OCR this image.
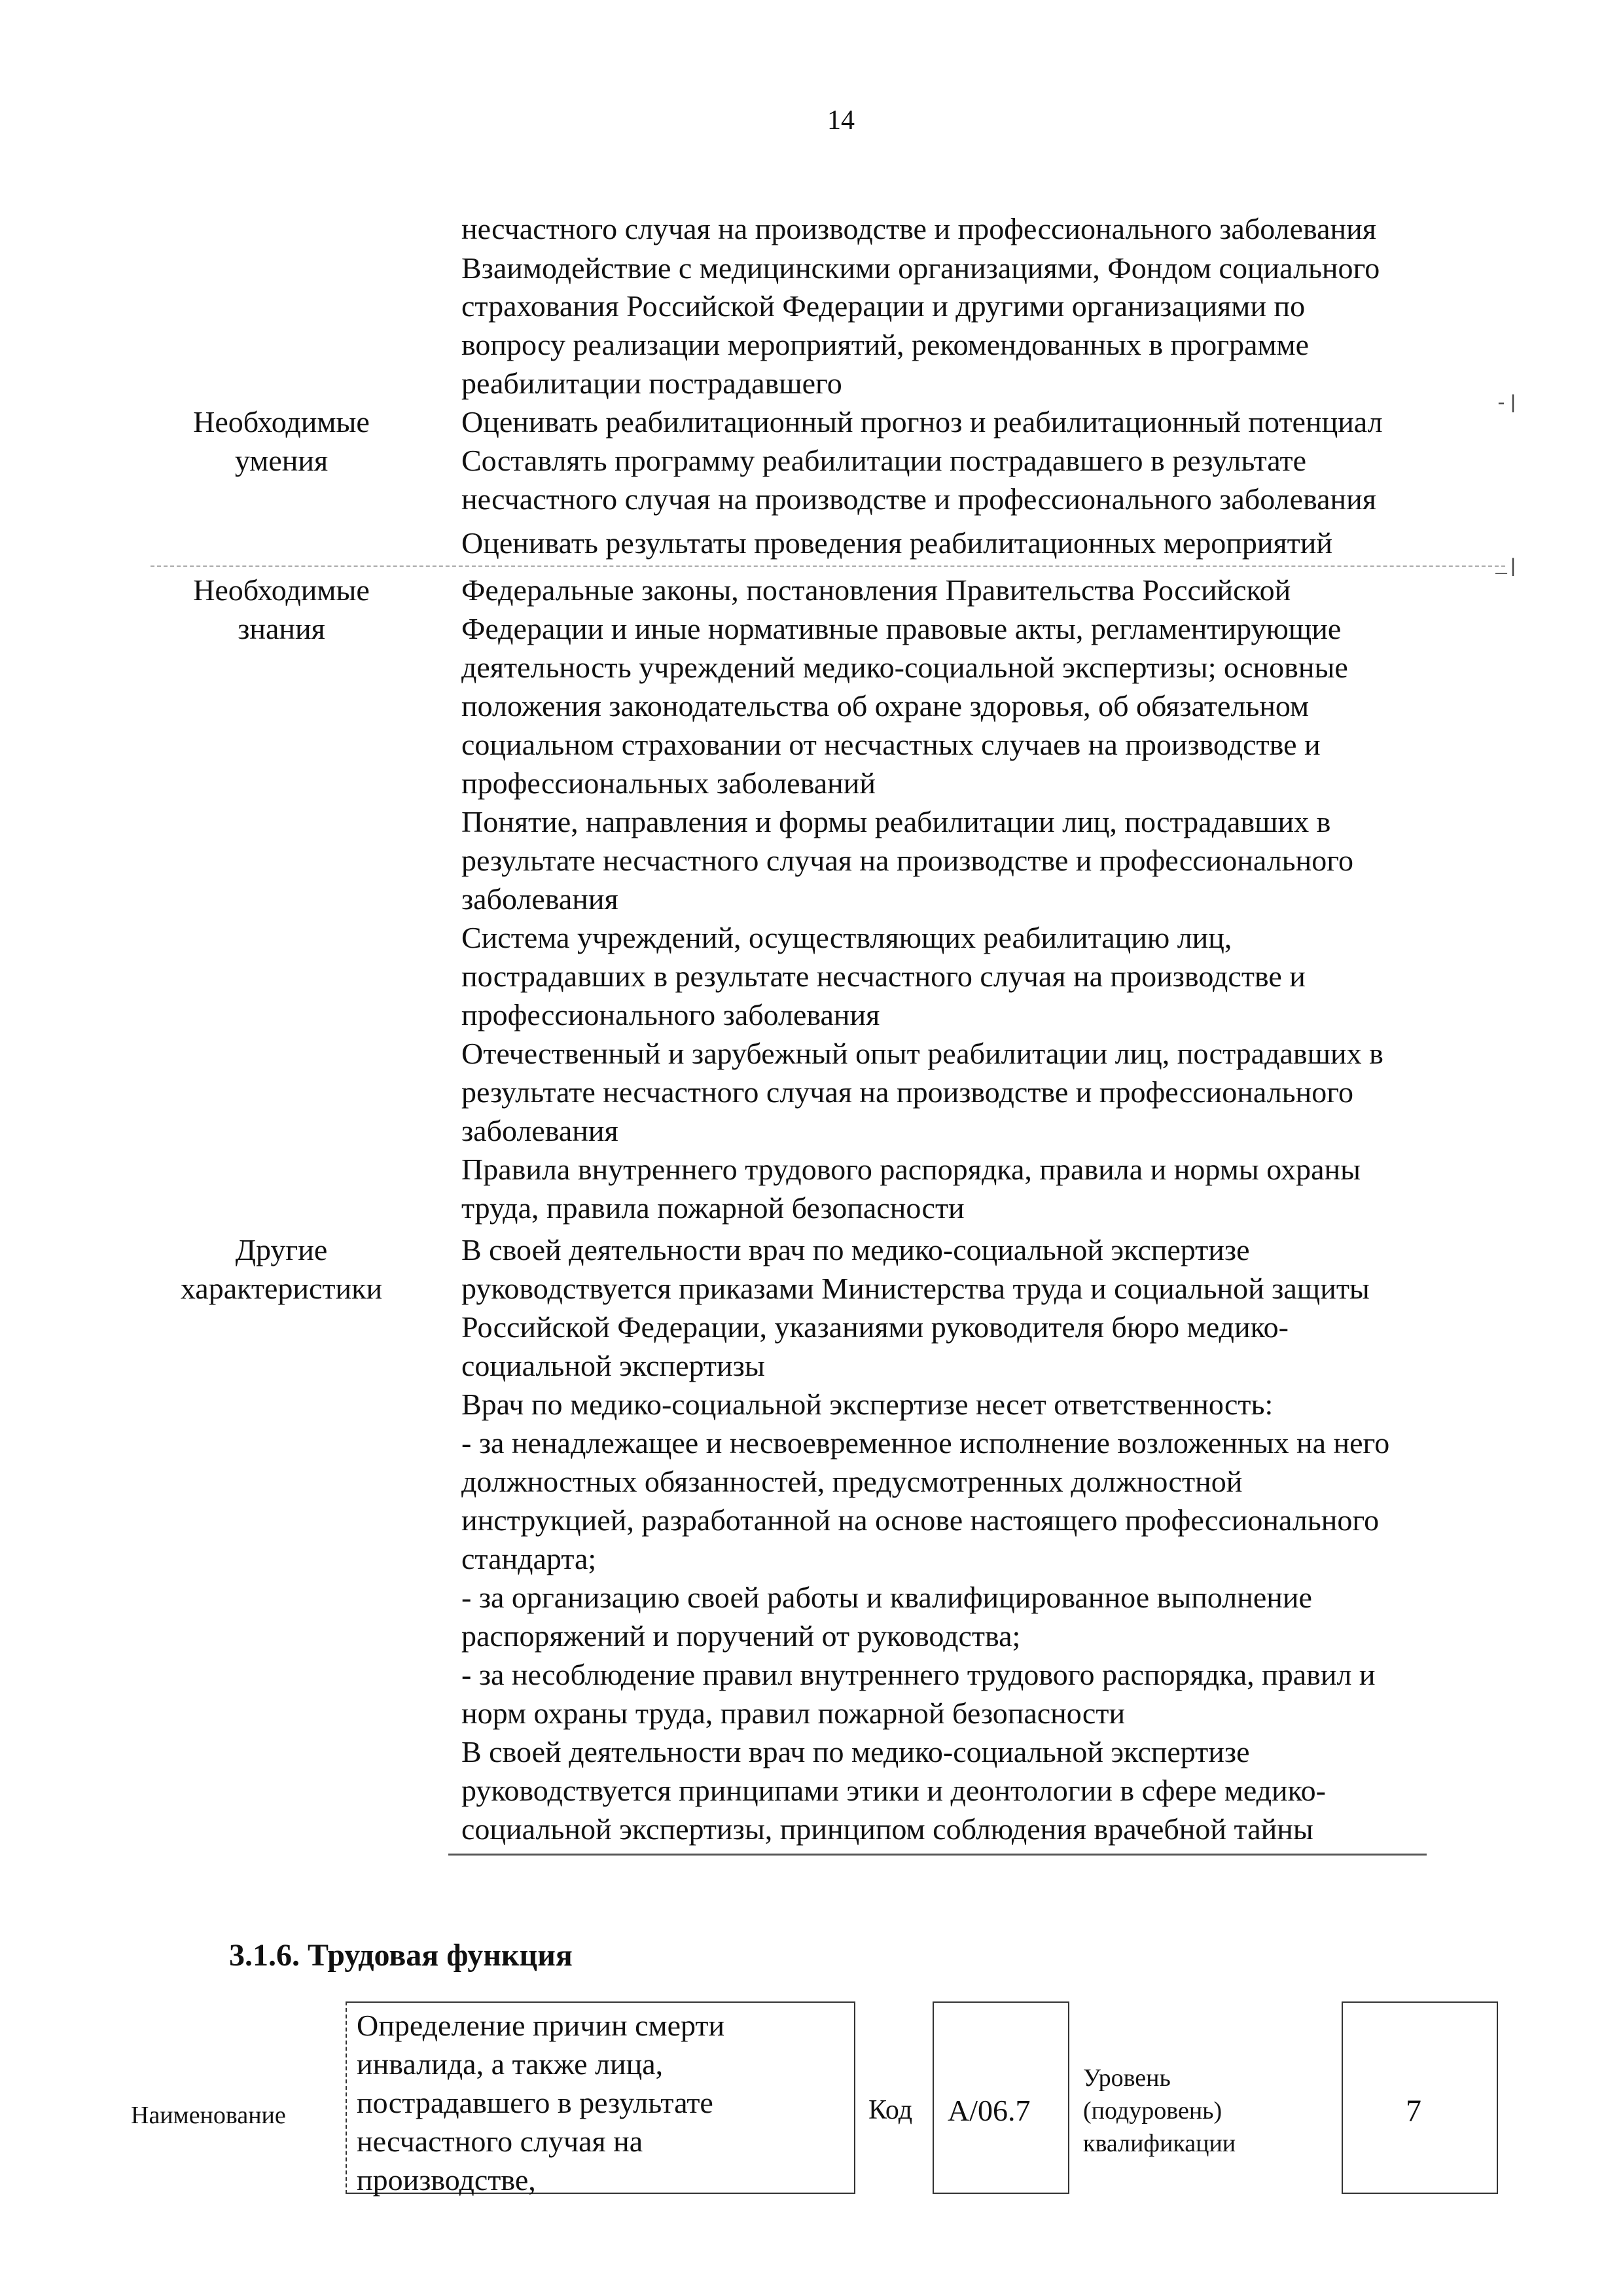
14
Необходимые
умения
Необходимые
знания
Другие
характеристики
несчастного случая на производстве и профессионального заболевания
Взаимодействие с медицинскими организациями, Фондом социального
страхования Российской Федерации и другими организациями по
вопросу реализации мероприятий, рекомендованных в программе
реабилитации пострадавшего
Оценивать реабилитационный прогноз и реабилитационный потенциал
Составлять программу реабилитации пострадавшего в результате
несчастного случая на производстве и профессионального заболевания
Оценивать результаты проведения реабилитационных мероприятий
Федеральные законы, постановления Правительства Российской
Федерации и иные нормативные правовые акты, регламентирующие
деятельность учреждений медико-социальной экспертизы; основные
положения законодательства об охране здоровья, об обязательном
социальном страховании от несчастных случаев на производстве и
профессиональных заболеваний
Понятие, направления и формы реабилитации лиц, пострадавших в
результате несчастного случая на производстве и профессионального
заболевания
Система учреждений, осуществляющих реабилитацию лиц,
пострадавших в результате несчастного случая на производстве и
профессионального заболевания
Отечественный и зарубежный опыт реабилитации лиц, пострадавших в
результате несчастного случая на производстве и профессионального
заболевания
Правила внутреннего трудового распорядка, правила и нормы охраны
труда, правила пожарной безопасности
В своей деятельности врач по медико-социальной экспертизе
руководствуется приказами Министерства труда и социальной защиты
Российской Федерации, указаниями руководителя бюро медико-
социальной экспертизы
Врач по медико-социальной экспертизе несет ответственность:
- за ненадлежащее и несвоевременное исполнение возложенных на него
должностных обязанностей, предусмотренных должностной
инструкцией, разработанной на основе настоящего профессионального
стандарта;
- за организацию своей работы и квалифицированное выполнение
распоряжений и поручений от руководства;
- за несоблюдение правил внутреннего трудового распорядка, правил и
норм охраны труда, правил пожарной безопасности
В своей деятельности врач по медико-социальной экспертизе
руководствуется принципами этики и деонтологии в сфере медико-
социальной экспертизы, принципом соблюдения врачебной тайны
-|
_|
3.1.6. Трудовая функция
Наименование
Определение причин смерти
инвалида, а также лица,
пострадавшего в результате
несчастного случая на
производстве,
Код А/06.7
Уровень
(подуровень)
квалификации
7
